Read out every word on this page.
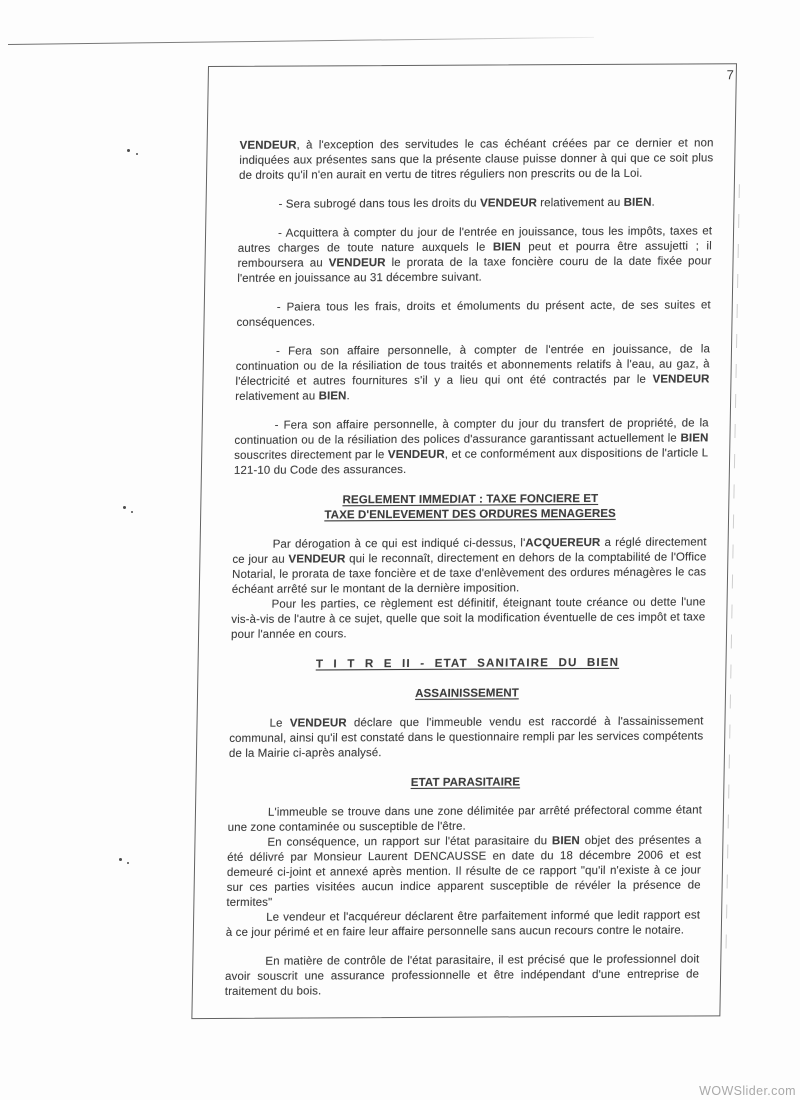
7

VENDEUR, à l'exception des servitudes le cas échéant créées par ce dernier et non indiquées aux présentes sans que la présente clause puisse donner à qui que ce soit plus de droits qu'il n'en aurait en vertu de titres réguliers non prescrits ou de la Loi.

- Sera subrogé dans tous les droits du VENDEUR relativement au BIEN.

- Acquittera à compter du jour de l'entrée en jouissance, tous les impôts, taxes et autres charges de toute nature auxquels le BIEN peut et pourra être assujetti ; il remboursera au VENDEUR le prorata de la taxe foncière couru de la date fixée pour l'entrée en jouissance au 31 décembre suivant.

- Paiera tous les frais, droits et émoluments du présent acte, de ses suites et conséquences.

- Fera son affaire personnelle, à compter de l'entrée en jouissance, de la continuation ou de la résiliation de tous traités et abonnements relatifs à l'eau, au gaz, à l'électricité et autres fournitures s'il y a lieu qui ont été contractés par le VENDEUR relativement au BIEN.

- Fera son affaire personnelle, à compter du jour du transfert de propriété, de la continuation ou de la résiliation des polices d'assurance garantissant actuellement le BIEN souscrites directement par le VENDEUR, et ce conformément aux dispositions de l'article L 121-10 du Code des assurances.

REGLEMENT IMMEDIAT : TAXE FONCIERE ET
TAXE D'ENLEVEMENT DES ORDURES MENAGERES

Par dérogation à ce qui est indiqué ci-dessus, l'ACQUEREUR a réglé directement ce jour au VENDEUR qui le reconnaît, directement en dehors de la comptabilité de l'Office Notarial, le prorata de taxe foncière et de taxe d'enlèvement des ordures ménagères le cas échéant arrêté sur le montant de la dernière imposition.

Pour les parties, ce règlement est définitif, éteignant toute créance ou dette l'une vis-à-vis de l'autre à ce sujet, quelle que soit la modification éventuelle de ces impôt et taxe pour l'année en cours.

T I T R E II - ETAT SANITAIRE DU BIEN
ASSAINISSEMENT

Le VENDEUR déclare que l'immeuble vendu est raccordé à l'assainissement communal, ainsi qu'il est constaté dans le questionnaire rempli par les services compétents de la Mairie ci-après analysé.

ETAT PARASITAIRE

L'immeuble se trouve dans une zone délimitée par arrêté préfectoral comme étant une zone contaminée ou susceptible de l'être.

En conséquence, un rapport sur l'état parasitaire du BIEN objet des présentes a été délivré par Monsieur Laurent DENCAUSSE en date du 18 décembre 2006 et est demeuré ci-joint et annexé après mention. Il résulte de ce rapport "qu'il n'existe à ce jour sur ces parties visitées aucun indice apparent susceptible de révéler la présence de termites"

Le vendeur et l'acquéreur déclarent être parfaitement informé que ledit rapport est à ce jour périmé et en faire leur affaire personnelle sans aucun recours contre le notaire.

En matière de contrôle de l'état parasitaire, il est précisé que le professionnel doit avoir souscrit une assurance professionnelle et être indépendant d'une entreprise de traitement du bois.

WOWSlider.com
